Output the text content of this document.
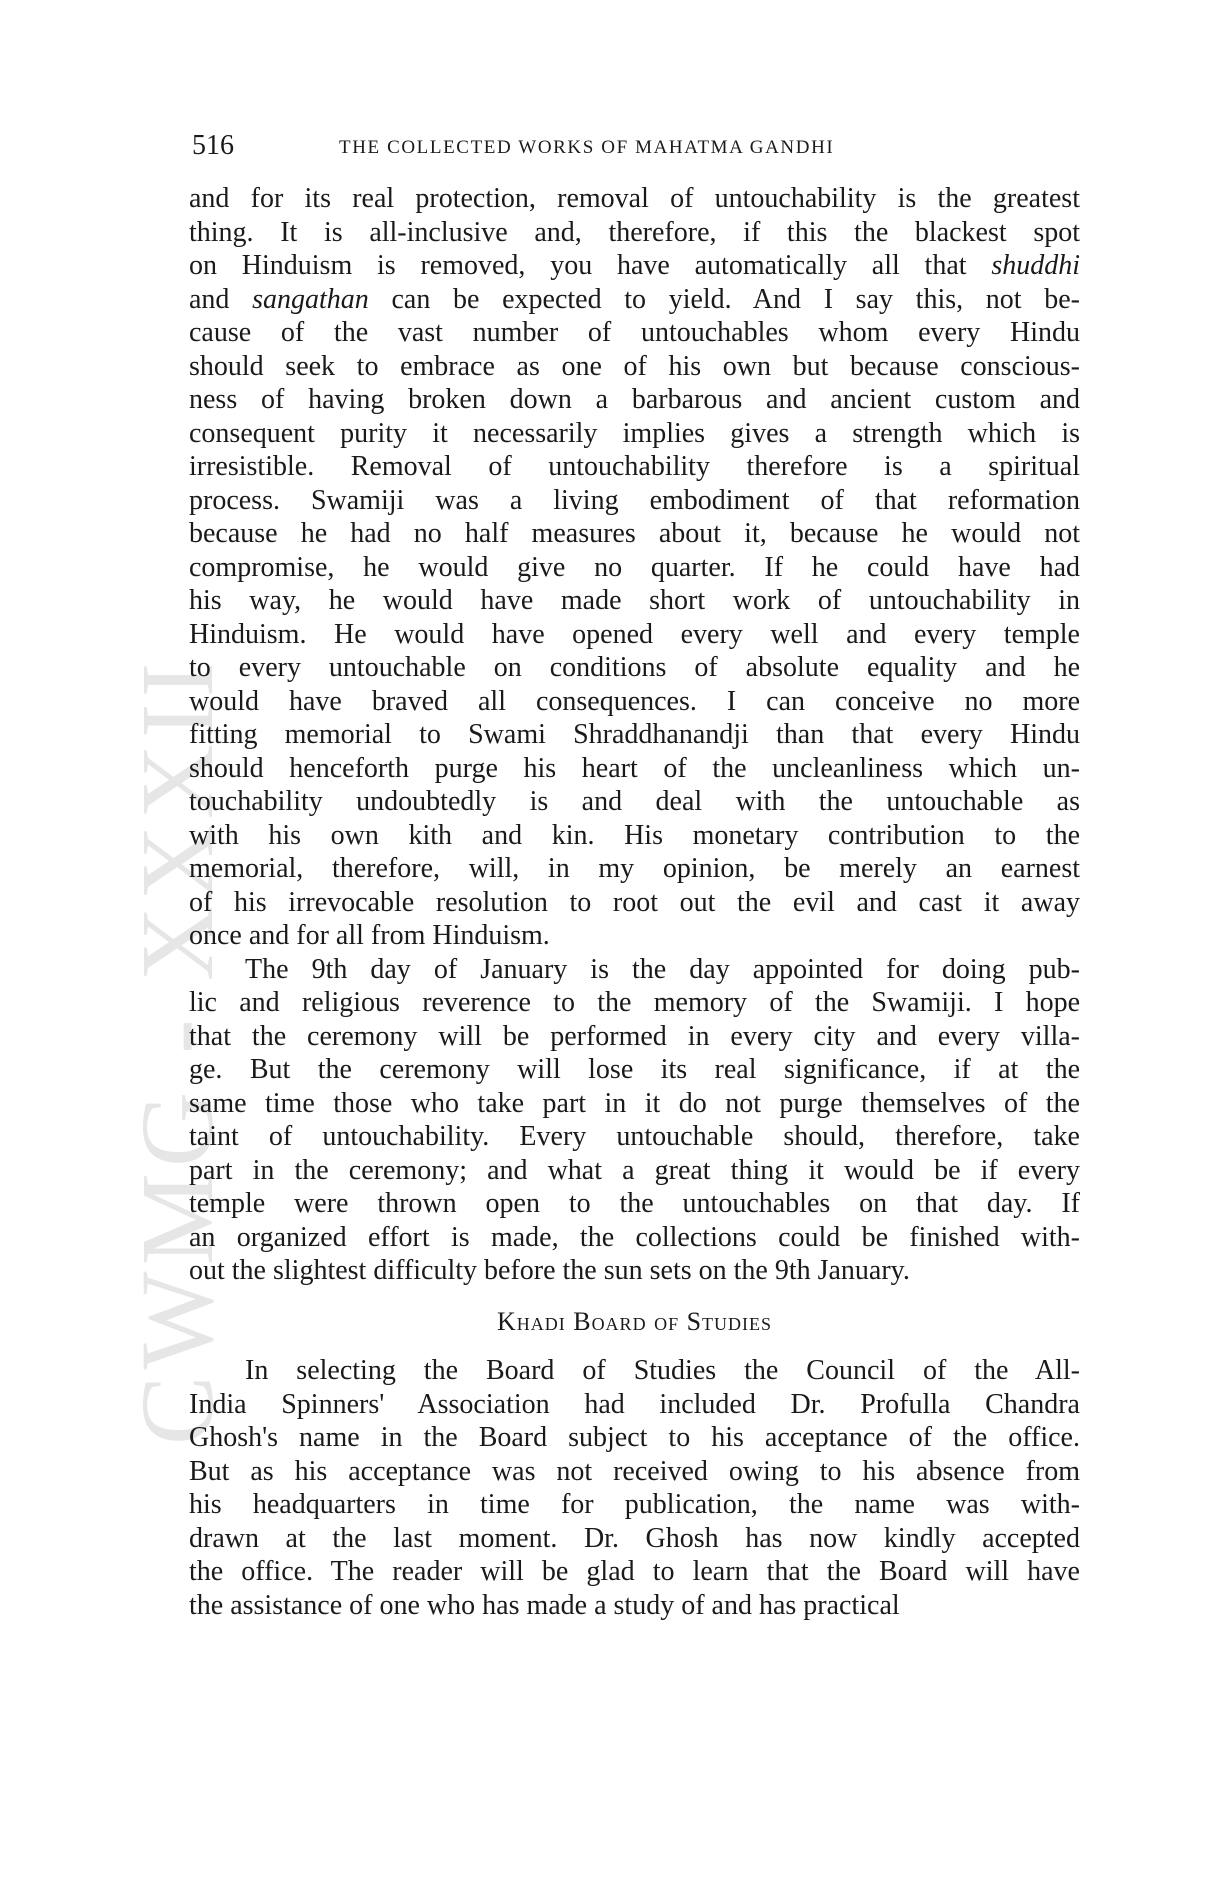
CWMG - XXXII
516	THE COLLECTED WORKS OF MAHATMA GANDHI
and for its real protection, removal of untouchability is the greatest
thing. It is all-inclusive and, therefore, if this the blackest spot
on Hinduism is removed, you have automatically all that shuddhi
and sangathan can be expected to yield. And I say this, not be-
cause of the vast number of untouchables whom every Hindu
should seek to embrace as one of his own but because conscious-
ness of having broken down a barbarous and ancient custom and
consequent purity it necessarily implies gives a strength which is
irresistible. Removal of untouchability therefore is a spiritual
process. Swamiji was a living embodiment of that reformation
because he had no half measures about it, because he would not
compromise, he would give no quarter. If he could have had
his way, he would have made short work of untouchability in
Hinduism. He would have opened every well and every temple
to every untouchable on conditions of absolute equality and he
would have braved all consequences. I can conceive no more
fitting memorial to Swami Shraddhanandji than that every Hindu
should henceforth purge his heart of the uncleanliness which un-
touchability undoubtedly is and deal with the untouchable as
with his own kith and kin. His monetary contribution to the
memorial, therefore, will, in my opinion, be merely an earnest
of his irrevocable resolution to root out the evil and cast it away
once and for all from Hinduism.
The 9th day of January is the day appointed for doing pub-
lic and religious reverence to the memory of the Swamiji. I hope
that the ceremony will be performed in every city and every villa-
ge. But the ceremony will lose its real significance, if at the
same time those who take part in it do not purge themselves of the
taint of untouchability. Every untouchable should, therefore, take
part in the ceremony; and what a great thing it would be if every
temple were thrown open to the untouchables on that day. If
an organized effort is made, the collections could be finished with-
out the slightest difficulty before the sun sets on the 9th January.
In selecting the Board of Studies the Council of the All-
India Spinners' Association had included Dr. Profulla Chandra
Ghosh's name in the Board subject to his acceptance of the office.
But as his acceptance was not received owing to his absence from
his headquarters in time for publication, the name was with-
drawn at the last moment. Dr. Ghosh has now kindly accepted
the office. The reader will be glad to learn that the Board will have
the assistance of one who has made a study of and has practical
Khadi Board of Studies
